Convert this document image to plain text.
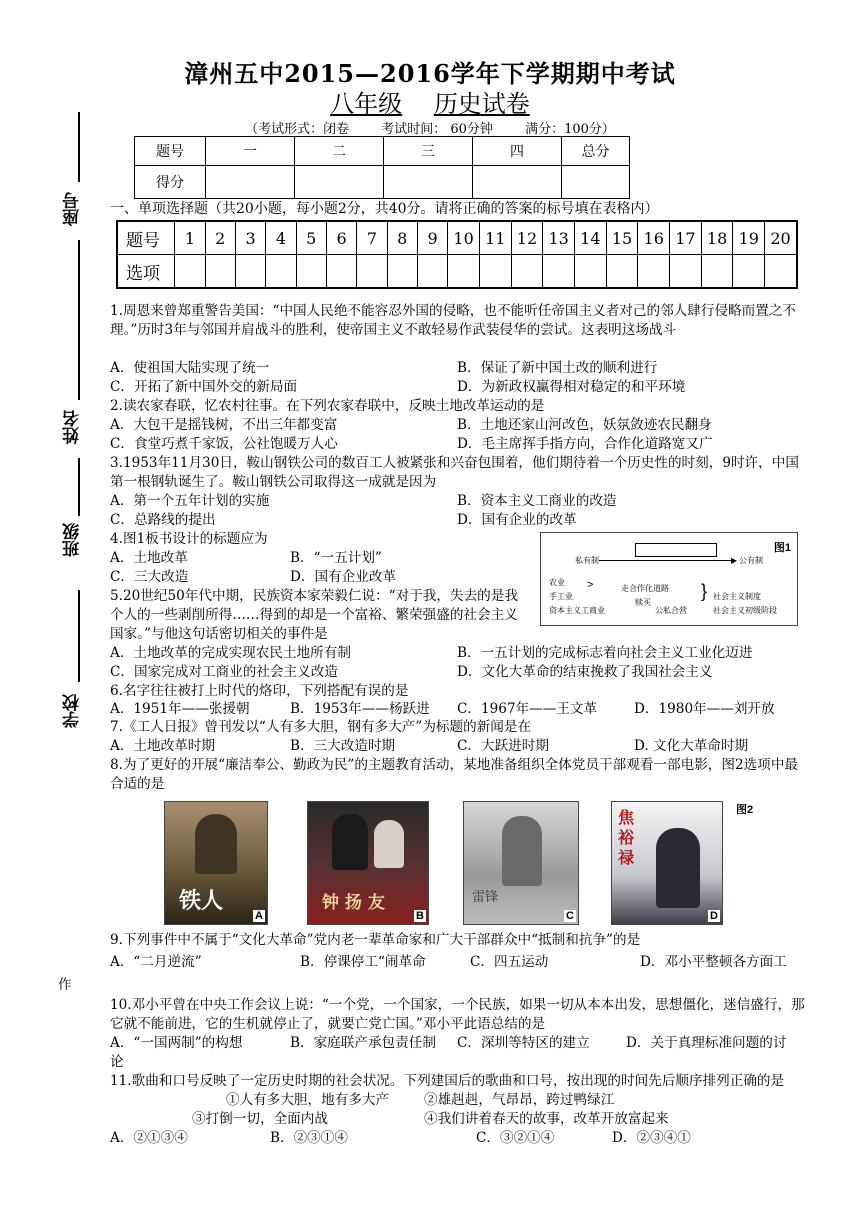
漳州五中2015—2016学年下学期期中考试
八年级 历史试卷
（考试形式：闭卷 考试时间： 60分钟 满分：100分）
座号
姓名
班级
学校
题号	一	二	三	四	总分
得分					
一、单项选择题（共20小题，每小题2分，共40分。请将正确的答案的标号填在表格内）
题号	1	2	3	4	5	6	7	8	9	10	11	12	13	14	15	16	17	18	19	20
选项																				
1.周恩来曾郑重警告美国：“中国人民绝不能容忍外国的侵略，也不能听任帝国主义者对己的邻人肆行侵略而置之不理。”历时3年与邻国并肩战斗的胜利，使帝国主义不敢轻易作武装侵华的尝试。这表明这场战斗
A．使祖国大陆实现了统一	B．保证了新中国土改的顺利进行
C．开拓了新中国外交的新局面	D．为新政权赢得相对稳定的和平环境
2.读农家春联，忆农村往事。在下列农家春联中，反映土地改革运动的是
A．大包干是摇钱树，不出三年都变富	B．土地还家山河改色，妖氛敛迹农民翻身
C．食堂巧煮千家饭，公社饱暖万人心	D．毛主席挥手指方向，合作化道路宽又广
3.1953年11月30日，鞍山钢铁公司的数百工人被紧张和兴奋包围着，他们期待着一个历史性的时刻，9时许，中国第一根钢轨诞生了。鞍山钢铁公司取得这一成就是因为
A．第一个五年计划的实施	B．资本主义工商业的改造
C．总路线的提出	D．国有企业的改革
4.图1板书设计的标题应为
A．土地改革	B．“一五计划”
C．三大改造	D．国有企业改革
图1
私有制	▶ 公有制
农业
手工业
资本主义工商业
>	走合作化道路
赎买
公私合营
} 社会主义制度
社会主义初级阶段
5.20世纪50年代中期，民族资本家荣毅仁说：“对于我，失去的是我个人的一些剥削所得……得到的却是一个富裕、繁荣强盛的社会主义国家。”与他这句话密切相关的事件是
A．土地改革的完成实现农民土地所有制	B．一五计划的完成标志着向社会主义工业化迈进
C．国家完成对工商业的社会主义改造	D．文化大革命的结束挽救了我国社会主义
6.名字往往被打上时代的烙印，下列搭配有误的是
A．1951年——张援朝	B．1953年——杨跃进 C．1967年——王文革	D．1980年——刘开放
7.《工人日报》曾刊发以“人有多大胆，钢有多大产”为标题的新闻是在
A．土地改革时期	B．三大改造时期	C．大跃进时期	D. 文化大革命时期
8.为了更好的开展“廉洁奉公、勤政为民”的主题教育活动，某地准备组织全体党员干部观看一部电影，图2选项中最合适的是
铁人
A
钟 扬 友
B
雷锋
C
焦裕禄
D
图2
9.下列事件中不属于“文化大革命”党内老一辈革命家和广大干部群众中“抵制和抗争”的是
A．“二月逆流”	B．停课停工“闹革命	C．四五运动	D．邓小平整顿各方面工
作
10.邓小平曾在中央工作会议上说：“一个党，一个国家，一个民族，如果一切从本本出发，思想僵化，迷信盛行，那它就不能前进，它的生机就停止了，就要亡党亡国。”邓小平此语总结的是
A．“一国两制”的构想	B．家庭联产承包责任制 C．深圳等特区的建立	D．关于真理标准问题的讨
论
11.歌曲和口号反映了一定历史时期的社会状况。下列建国后的歌曲和口号，按出现的时间先后顺序排列正确的是
①人有多大胆，地有多大产	②雄赳赳，气昂昂，跨过鸭绿江
③打倒一切，全面内战	④我们讲着春天的故事，改革开放富起来
A．②①③④	B．②③①④	C．③②①④	D．②③④①
